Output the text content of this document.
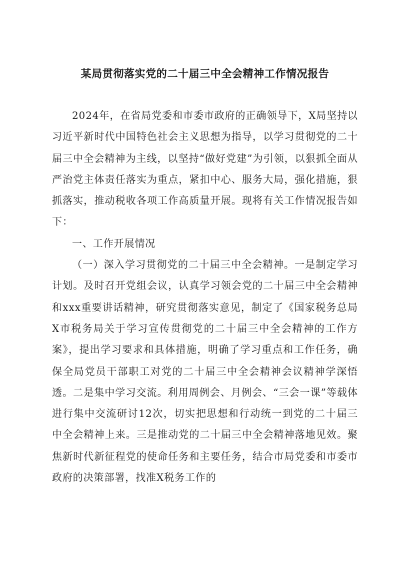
某局贯彻落实党的二十届三中全会精神工作情况报告

2024年，在省局党委和市委市政府的正确领导下，X局坚持以习近平新时代中国特色社会主义思想为指导，以学习贯彻党的二十届三中全会精神为主线，以坚持“做好党建”为引领，以狠抓全面从严治党主体责任落实为重点，紧扣中心、服务大局，强化措施，狠抓落实，推动税收各项工作高质量开展。现将有关工作情况报告如下：

一、工作开展情况

（一）深入学习贯彻党的二十届三中全会精神。一是制定学习计划。及时召开党组会议，认真学习领会党的二十届三中全会精神和xxx重要讲话精神，研究贯彻落实意见，制定了《国家税务总局X市税务局关于学习宣传贯彻党的二十届三中全会精神的工作方案》，提出学习要求和具体措施，明确了学习重点和工作任务，确保全局党员干部职工对党的二十届三中全会精神会议精神学深悟透。二是集中学习交流。利用周例会、月例会、“三会一课”等载体进行集中交流研讨12次，切实把思想和行动统一到党的二十届三中全会精神上来。三是推动党的二十届三中全会精神落地见效。聚焦新时代新征程党的使命任务和主要任务，结合市局党委和市委市政府的决策部署，找准X税务工作的
